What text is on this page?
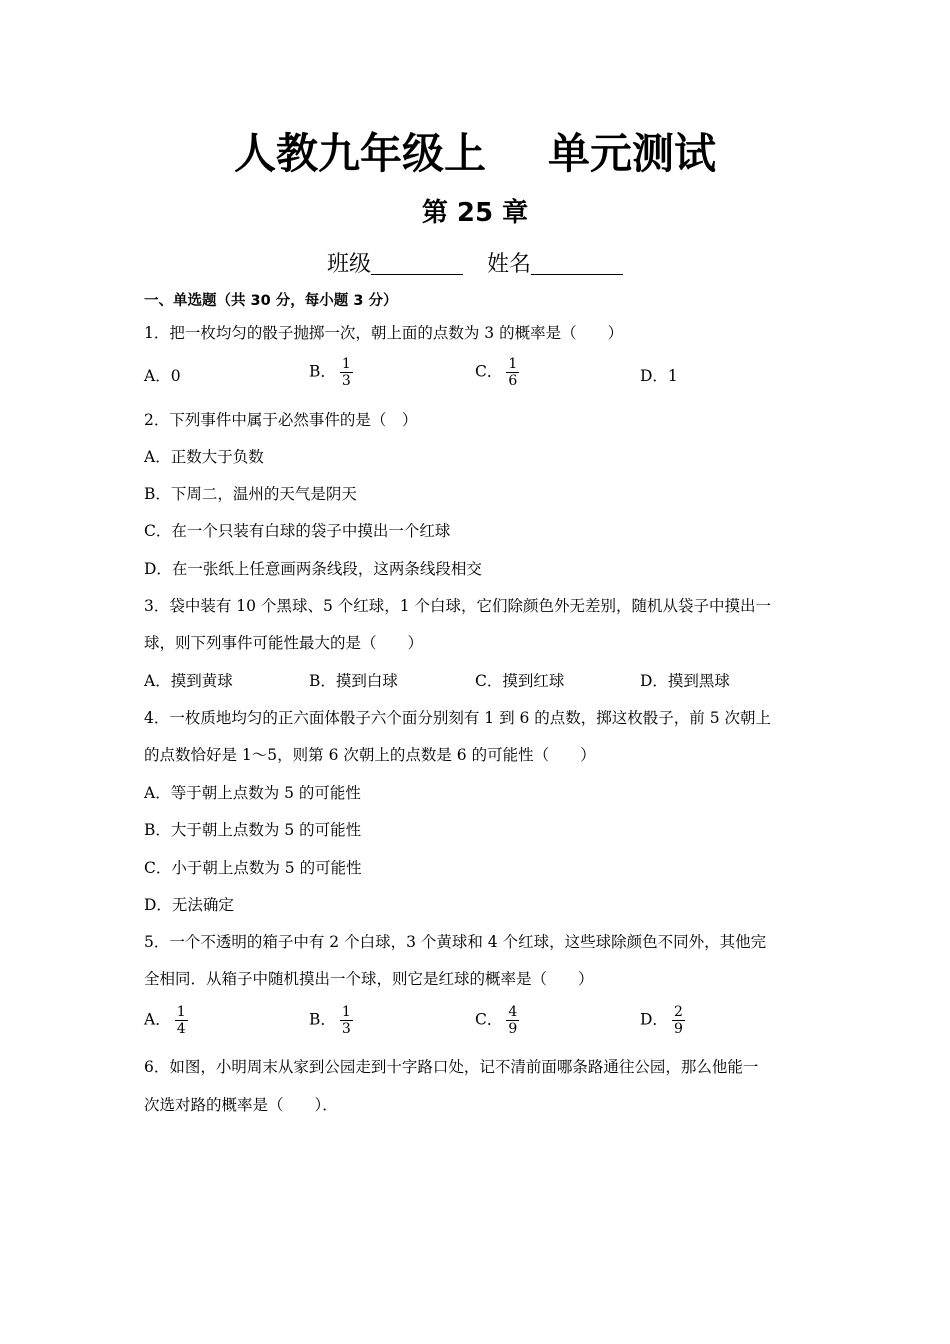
人教九年级上 单元测试
第 25 章
班级	姓名
一、单选题（共 30 分，每小题 3 分）
1．把一枚均匀的骰子抛掷一次，朝上面的点数为 3 的概率是（　　）
A．0	B． $\frac{1}{3}$	C． $\frac{1}{6}$	D．1
2．下列事件中属于必然事件的是（　）
A．正数大于负数
B．下周二，温州的天气是阴天
C．在一个只装有白球的袋子中摸出一个红球
D．在一张纸上任意画两条线段，这两条线段相交
3．袋中装有 10 个黑球、5 个红球，1 个白球，它们除颜色外无差别，随机从袋子中摸出一
球，则下列事件可能性最大的是（　　）
A．摸到黄球	B．摸到白球	C．摸到红球	D．摸到黑球
4．一枚质地均匀的正六面体骰子六个面分别刻有 1 到 6 的点数，掷这枚骰子，前 5 次朝上
的点数恰好是 1～5，则第 6 次朝上的点数是 6 的可能性（　　）
A．等于朝上点数为 5 的可能性
B．大于朝上点数为 5 的可能性
C．小于朝上点数为 5 的可能性
D．无法确定
5．一个不透明的箱子中有 2 个白球，3 个黄球和 4 个红球，这些球除颜色不同外，其他完
全相同．从箱子中随机摸出一个球，则它是红球的概率是（　　）
A． $\frac{1}{4}$	B． $\frac{1}{3}$	C． $\frac{4}{9}$	D． $\frac{2}{9}$
6．如图，小明周末从家到公园走到十字路口处，记不清前面哪条路通往公园，那么他能一
次选对路的概率是（　　）．
